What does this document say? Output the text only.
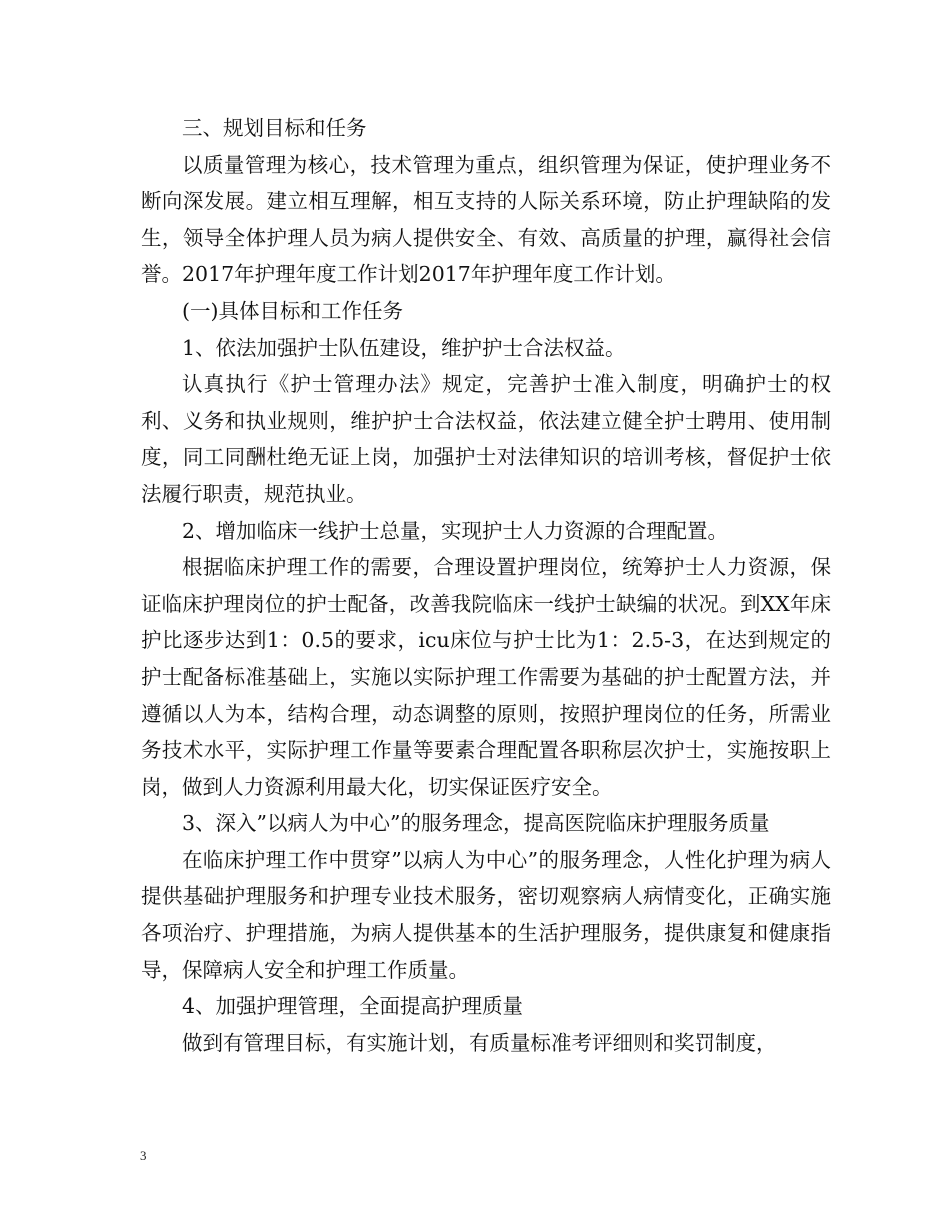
三、规划目标和任务

以质量管理为核心，技术管理为重点，组织管理为保证，使护理业务不断向深发展。建立相互理解，相互支持的人际关系环境，防止护理缺陷的发生，领导全体护理人员为病人提供安全、有效、高质量的护理，赢得社会信誉。2017年护理年度工作计划2017年护理年度工作计划。

(一)具体目标和工作任务

1、依法加强护士队伍建设，维护护士合法权益。

认真执行《护士管理办法》规定，完善护士准入制度，明确护士的权利、义务和执业规则，维护护士合法权益，依法建立健全护士聘用、使用制度，同工同酬杜绝无证上岗，加强护士对法律知识的培训考核，督促护士依法履行职责，规范执业。

2、增加临床一线护士总量，实现护士人力资源的合理配置。

根据临床护理工作的需要，合理设置护理岗位，统筹护士人力资源，保证临床护理岗位的护士配备，改善我院临床一线护士缺编的状况。到XX年床护比逐步达到1：0.5的要求，icu床位与护士比为1：2.5-3，在达到规定的护士配备标准基础上，实施以实际护理工作需要为基础的护士配置方法，并遵循以人为本，结构合理，动态调整的原则，按照护理岗位的任务，所需业务技术水平，实际护理工作量等要素合理配置各职称层次护士，实施按职上岗，做到人力资源利用最大化，切实保证医疗安全。

3、深入”以病人为中心”的服务理念，提高医院临床护理服务质量

在临床护理工作中贯穿”以病人为中心”的服务理念，人性化护理为病人提供基础护理服务和护理专业技术服务，密切观察病人病情变化，正确实施各项治疗、护理措施，为病人提供基本的生活护理服务，提供康复和健康指导，保障病人安全和护理工作质量。

4、加强护理管理，全面提高护理质量

做到有管理目标，有实施计划，有质量标准考评细则和奖罚制度，

3
